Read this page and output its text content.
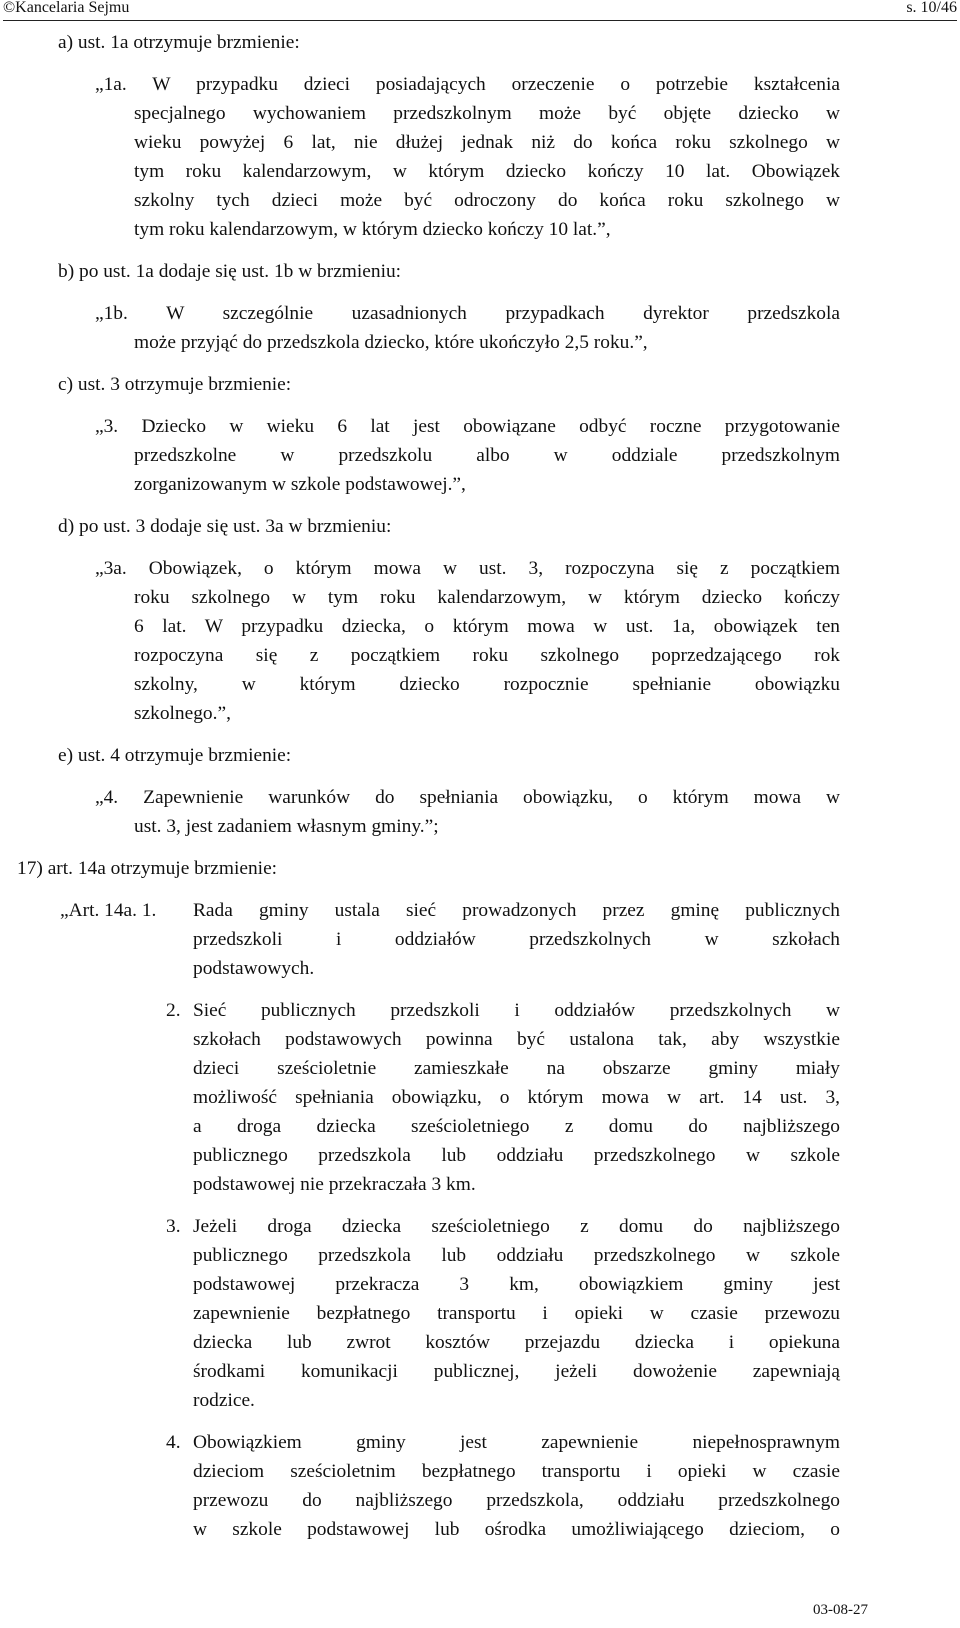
©Kancelaria Sejmu	s. 10/46
a) ust. 1a otrzymuje brzmienie:
„1a. W przypadku dzieci posiadających orzeczenie o potrzebie kształcenia
specjalnego wychowaniem przedszkolnym może być objęte dziecko w
wieku powyżej 6 lat, nie dłużej jednak niż do końca roku szkolnego w
tym roku kalendarzowym, w którym dziecko kończy 10 lat. Obowiązek
szkolny tych dzieci może być odroczony do końca roku szkolnego w
tym roku kalendarzowym, w którym dziecko kończy 10 lat.”,
b) po ust. 1a dodaje się ust. 1b w brzmieniu:
„1b. W szczególnie uzasadnionych przypadkach dyrektor przedszkola
może przyjąć do przedszkola dziecko, które ukończyło 2,5 roku.”,
c) ust. 3 otrzymuje brzmienie:
„3. Dziecko w wieku 6 lat jest obowiązane odbyć roczne przygotowanie
przedszkolne w przedszkolu albo w oddziale przedszkolnym
zorganizowanym w szkole podstawowej.”,
d) po ust. 3 dodaje się ust. 3a w brzmieniu:
„3a. Obowiązek, o którym mowa w ust. 3, rozpoczyna się z początkiem
roku szkolnego w tym roku kalendarzowym, w którym dziecko kończy
6 lat. W przypadku dziecka, o którym mowa w ust. 1a, obowiązek ten
rozpoczyna się z początkiem roku szkolnego poprzedzającego rok
szkolny, w którym dziecko rozpocznie spełnianie obowiązku
szkolnego.”,
e) ust. 4 otrzymuje brzmienie:
„4. Zapewnienie warunków do spełniania obowiązku, o którym mowa w
ust. 3, jest zadaniem własnym gminy.”;
17) art. 14a otrzymuje brzmienie:
„Art. 14a. 1. Rada gminy ustala sieć prowadzonych przez gminę publicznych
przedszkoli i oddziałów przedszkolnych w szkołach
podstawowych.
2. Sieć publicznych przedszkoli i oddziałów przedszkolnych w
szkołach podstawowych powinna być ustalona tak, aby wszystkie
dzieci sześcioletnie zamieszkałe na obszarze gminy miały
możliwość spełniania obowiązku, o którym mowa w art. 14 ust. 3,
a droga dziecka sześcioletniego z domu do najbliższego
publicznego przedszkola lub oddziału przedszkolnego w szkole
podstawowej nie przekraczała 3 km.
3. Jeżeli droga dziecka sześcioletniego z domu do najbliższego
publicznego przedszkola lub oddziału przedszkolnego w szkole
podstawowej przekracza 3 km, obowiązkiem gminy jest
zapewnienie bezpłatnego transportu i opieki w czasie przewozu
dziecka lub zwrot kosztów przejazdu dziecka i opiekuna
środkami komunikacji publicznej, jeżeli dowożenie zapewniają
rodzice.
4. Obowiązkiem gminy jest zapewnienie niepełnosprawnym
dzieciom sześcioletnim bezpłatnego transportu i opieki w czasie
przewozu do najbliższego przedszkola, oddziału przedszkolnego
w szkole podstawowej lub ośrodka umożliwiającego dzieciom, o
03-08-27
